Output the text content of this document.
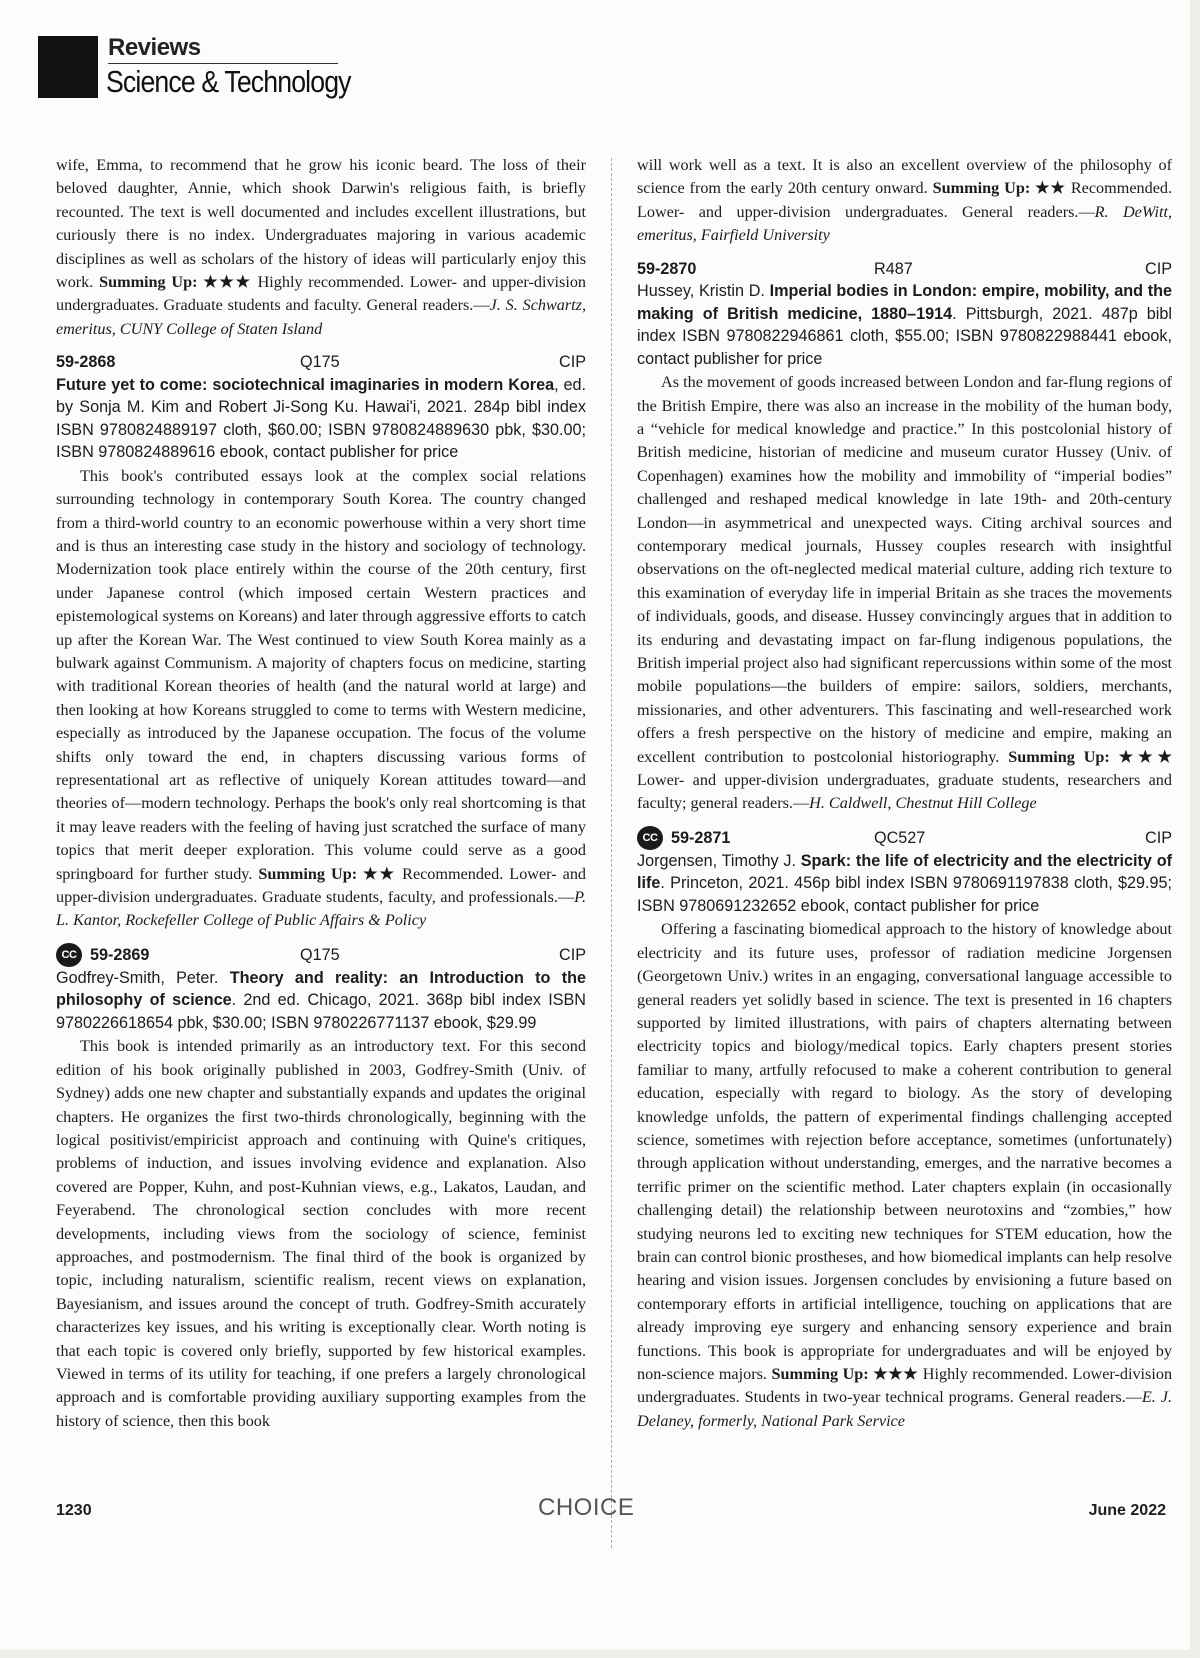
Reviews
Science & Technology

wife, Emma, to recommend that he grow his iconic beard. The loss of their beloved daughter, Annie, which shook Darwin's religious faith, is briefly recounted. The text is well documented and includes excellent illustrations, but curiously there is no index. Undergraduates majoring in various academic disciplines as well as scholars of the history of ideas will particularly enjoy this work. Summing Up: ★★★ Highly recommended. Lower- and upper-division undergraduates. Graduate students and faculty. General readers.—J. S. Schwartz, emeritus, CUNY College of Staten Island

59-2868	Q175	CIP
Future yet to come: sociotechnical imaginaries in modern Korea, ed. by Sonja M. Kim and Robert Ji-Song Ku. Hawai'i, 2021. 284p bibl index ISBN 9780824889197 cloth, $60.00; ISBN 9780824889630 pbk, $30.00; ISBN 9780824889616 ebook, contact publisher for price

This book's contributed essays look at the complex social relations surrounding technology in contemporary South Korea. The country changed from a third-world country to an economic powerhouse within a very short time and is thus an interesting case study in the history and sociology of technology. Modernization took place entirely within the course of the 20th century, first under Japanese control (which imposed certain Western practices and epistemological systems on Koreans) and later through aggressive efforts to catch up after the Korean War. The West continued to view South Korea mainly as a bulwark against Communism. A majority of chapters focus on medicine, starting with traditional Korean theories of health (and the natural world at large) and then looking at how Koreans struggled to come to terms with Western medicine, especially as introduced by the Japanese occupation. The focus of the volume shifts only toward the end, in chapters discussing various forms of representational art as reflective of uniquely Korean attitudes toward—and theories of—modern technology. Perhaps the book's only real shortcoming is that it may leave readers with the feeling of having just scratched the surface of many topics that merit deeper exploration. This volume could serve as a good springboard for further study. Summing Up: ★★ Recommended. Lower- and upper-division undergraduates. Graduate students, faculty, and professionals.—P. L. Kantor, Rockefeller College of Public Affairs & Policy

CC 59-2869	Q175	CIP
Godfrey-Smith, Peter. Theory and reality: an Introduction to the philosophy of science. 2nd ed. Chicago, 2021. 368p bibl index ISBN 9780226618654 pbk, $30.00; ISBN 9780226771137 ebook, $29.99

This book is intended primarily as an introductory text. For this second edition of his book originally published in 2003, Godfrey-Smith (Univ. of Sydney) adds one new chapter and substantially expands and updates the original chapters. He organizes the first two-thirds chronologically, beginning with the logical positivist/empiricist approach and continuing with Quine's critiques, problems of induction, and issues involving evidence and explanation. Also covered are Popper, Kuhn, and post-Kuhnian views, e.g., Lakatos, Laudan, and Feyerabend. The chronological section concludes with more recent developments, including views from the sociology of science, feminist approaches, and postmodernism. The final third of the book is organized by topic, including naturalism, scientific realism, recent views on explanation, Bayesianism, and issues around the concept of truth. Godfrey-Smith accurately characterizes key issues, and his writing is exceptionally clear. Worth noting is that each topic is covered only briefly, supported by few historical examples. Viewed in terms of its utility for teaching, if one prefers a largely chronological approach and is comfortable providing auxiliary supporting examples from the history of science, then this book

will work well as a text. It is also an excellent overview of the philosophy of science from the early 20th century onward. Summing Up: ★★ Recommended. Lower- and upper-division undergraduates. General readers.—R. DeWitt, emeritus, Fairfield University

59-2870	R487	CIP
Hussey, Kristin D. Imperial bodies in London: empire, mobility, and the making of British medicine, 1880–1914. Pittsburgh, 2021. 487p bibl index ISBN 9780822946861 cloth, $55.00; ISBN 9780822988441 ebook, contact publisher for price

As the movement of goods increased between London and far-flung regions of the British Empire, there was also an increase in the mobility of the human body, a “vehicle for medical knowledge and practice.” In this postcolonial history of British medicine, historian of medicine and museum curator Hussey (Univ. of Copenhagen) examines how the mobility and immobility of “imperial bodies” challenged and reshaped medical knowledge in late 19th- and 20th-century London—in asymmetrical and unexpected ways. Citing archival sources and contemporary medical journals, Hussey couples research with insightful observations on the oft-neglected medical material culture, adding rich texture to this examination of everyday life in imperial Britain as she traces the movements of individuals, goods, and disease. Hussey convincingly argues that in addition to its enduring and devastating impact on far-flung indigenous populations, the British imperial project also had significant repercussions within some of the most mobile populations—the builders of empire: sailors, soldiers, merchants, missionaries, and other adventurers. This fascinating and well-researched work offers a fresh perspective on the history of medicine and empire, making an excellent contribution to postcolonial historiography. Summing Up: ★★★ Lower- and upper-division undergraduates, graduate students, researchers and faculty; general readers.—H. Caldwell, Chestnut Hill College

CC 59-2871	QC527	CIP
Jorgensen, Timothy J. Spark: the life of electricity and the electricity of life. Princeton, 2021. 456p bibl index ISBN 9780691197838 cloth, $29.95; ISBN 9780691232652 ebook, contact publisher for price

Offering a fascinating biomedical approach to the history of knowledge about electricity and its future uses, professor of radiation medicine Jorgensen (Georgetown Univ.) writes in an engaging, conversational language accessible to general readers yet solidly based in science. The text is presented in 16 chapters supported by limited illustrations, with pairs of chapters alternating between electricity topics and biology/medical topics. Early chapters present stories familiar to many, artfully refocused to make a coherent contribution to general education, especially with regard to biology. As the story of developing knowledge unfolds, the pattern of experimental findings challenging accepted science, sometimes with rejection before acceptance, sometimes (unfortunately) through application without understanding, emerges, and the narrative becomes a terrific primer on the scientific method. Later chapters explain (in occasionally challenging detail) the relationship between neurotoxins and “zombies,” how studying neurons led to exciting new techniques for STEM education, how the brain can control bionic prostheses, and how biomedical implants can help resolve hearing and vision issues. Jorgensen concludes by envisioning a future based on contemporary efforts in artificial intelligence, touching on applications that are already improving eye surgery and enhancing sensory experience and brain functions. This book is appropriate for undergraduates and will be enjoyed by non-science majors. Summing Up: ★★★ Highly recommended. Lower-division undergraduates. Students in two-year technical programs. General readers.—E. J. Delaney, formerly, National Park Service

1230	CHOICE	June 2022
